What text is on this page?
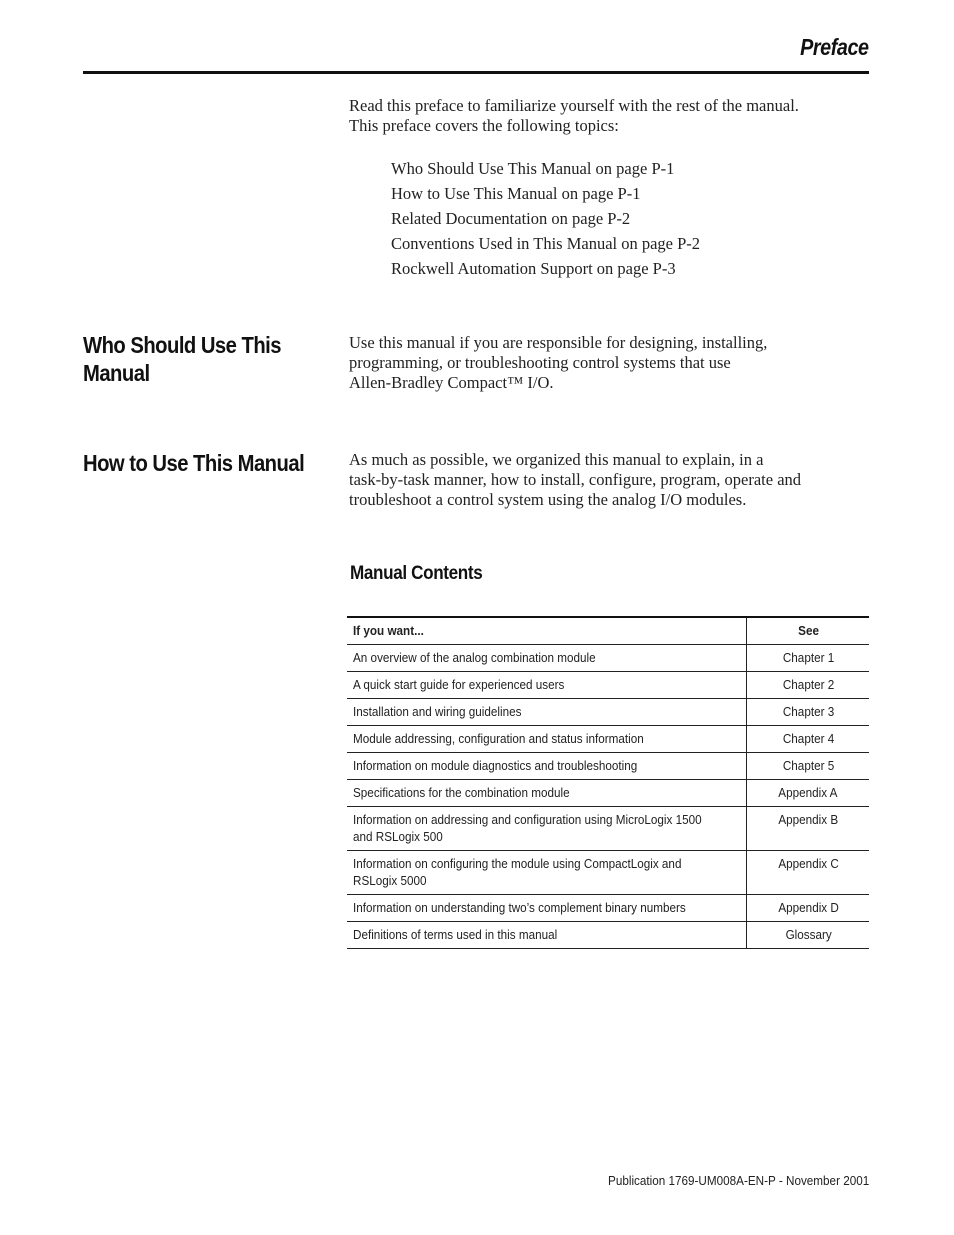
Preface

Read this preface to familiarize yourself with the rest of the manual.

This preface covers the following topics:

Who Should Use This Manual on page P-1
How to Use This Manual on page P-1
Related Documentation on page P-2
Conventions Used in This Manual on page P-2
Rockwell Automation Support on page P-3
Who Should Use This
Manual

Use this manual if you are responsible for designing, installing,

programming, or troubleshooting control systems that use

Allen-Bradley Compact™ I/O.

How to Use This Manual	As much as possible, we organized this manual to explain, in a

task-by-task manner, how to install, configure, program, operate and

troubleshoot a control system using the analog I/O modules.

Manual Contents
If you want...	See
An overview of the analog combination module	Chapter 1
A quick start guide for experienced users	Chapter 2
Installation and wiring guidelines	Chapter 3
Module addressing, configuration and status information	Chapter 4
Information on module diagnostics and troubleshooting	Chapter 5
Specifications for the combination module	Appendix A
Information on addressing and configuration using MicroLogix 1500
and RSLogix 500	Appendix B
Information on configuring the module using CompactLogix and
RSLogix 5000	Appendix C
Information on understanding two’s complement binary numbers	Appendix D
Definitions of terms used in this manual	Glossary
Publication 1769-UM008A-EN-P - November 2001
